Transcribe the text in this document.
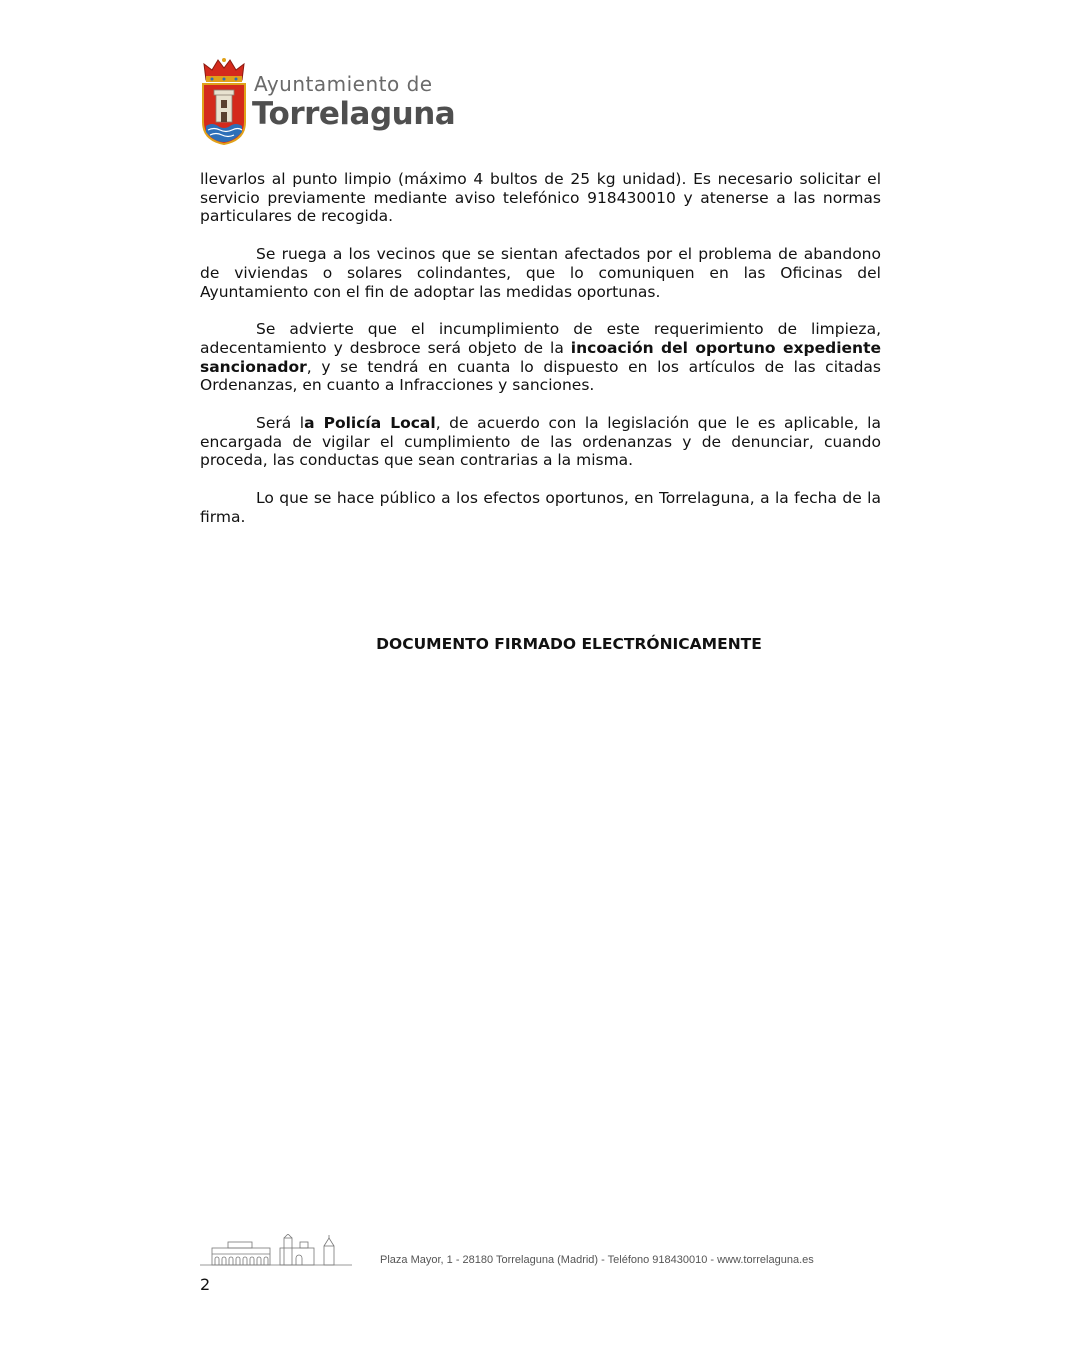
Ayuntamiento de
Torrelaguna

llevarlos al punto limpio (máximo 4 bultos de 25 kg unidad). Es necesario solicitar el servicio previamente mediante aviso telefónico 918430010 y atenerse a las normas particulares de recogida.

Se ruega a los vecinos que se sientan afectados por el problema de abandono de viviendas o solares colindantes, que lo comuniquen en las Oficinas del Ayuntamiento con el fin de adoptar las medidas oportunas.

Se advierte que el incumplimiento de este requerimiento de limpieza, adecentamiento y desbroce será objeto de la incoación del oportuno expediente sancionador, y se tendrá en cuanta lo dispuesto en los artículos de las citadas Ordenanzas, en cuanto a Infracciones y sanciones.

Será la Policía Local, de acuerdo con la legislación que le es aplicable, la encargada de vigilar el cumplimiento de las ordenanzas y de denunciar, cuando proceda, las conductas que sean contrarias a la misma.

Lo que se hace público a los efectos oportunos, en Torrelaguna, a la fecha de la firma.

DOCUMENTO FIRMADO ELECTRÓNICAMENTE
Plaza Mayor, 1 - 28180 Torrelaguna (Madrid) - Teléfono 918430010 - www.torrelaguna.es
2
